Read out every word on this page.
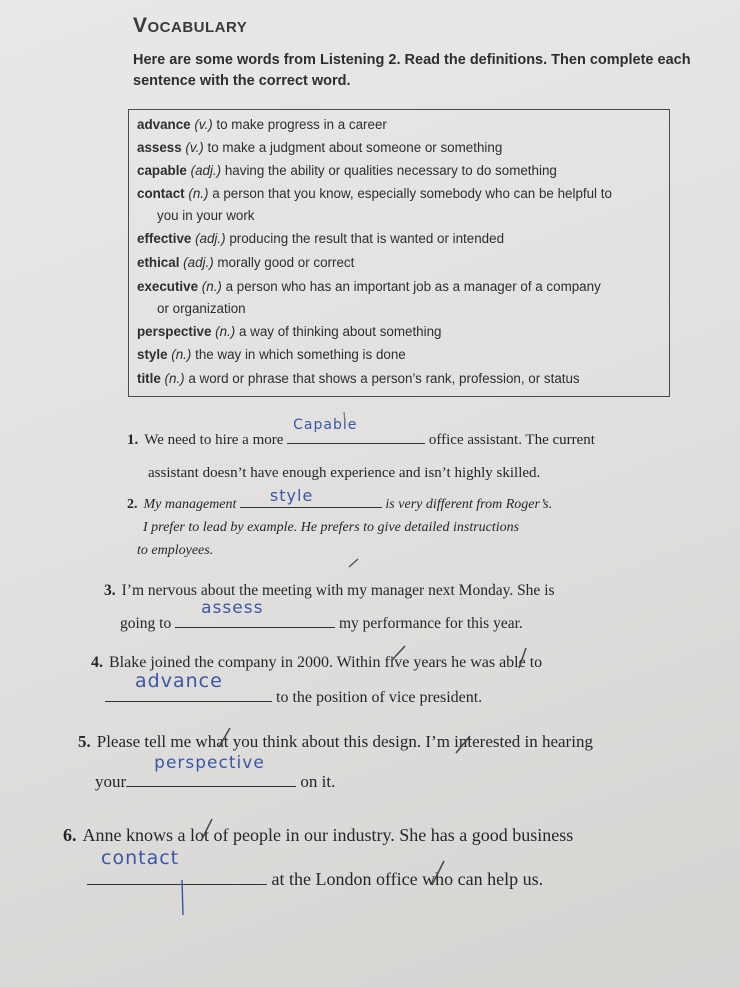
Vocabulary

Here are some words from Listening 2. Read the definitions. Then complete each sentence with the correct word.

advance (v.) to make progress in a career

assess (v.) to make a judgment about someone or something

capable (adj.) having the ability or qualities necessary to do something

contact (n.) a person that you know, especially somebody who can be helpful to
you in your work

effective (adj.) producing the result that is wanted or intended

ethical (adj.) morally good or correct

executive (n.) a person who has an important job as a manager of a company
or organization

perspective (n.) a way of thinking about something

style (n.) the way in which something is done

title (n.) a word or phrase that shows a person’s rank, profession, or status

1. We need to hire a more
Capable
office assistant. The current
assistant doesn’t have enough experience and isn’t highly skilled.
2. My management style	is very different from Roger’s.
I prefer to lead by example. He prefers to give detailed instructions
to employees.
3. I’m nervous about the meeting with my manager next Monday. She is
going to
assess
my performance for this year.
4. Blake joined the company in 2000. Within five years he was able to
advance
to the position of vice president.
5. Please tell me what you think about this design. I’m interested in hearing
your
perspective
on it.
6. Anne knows a lot of people in our industry. She has a good business
contact
at the London office who can help us.
